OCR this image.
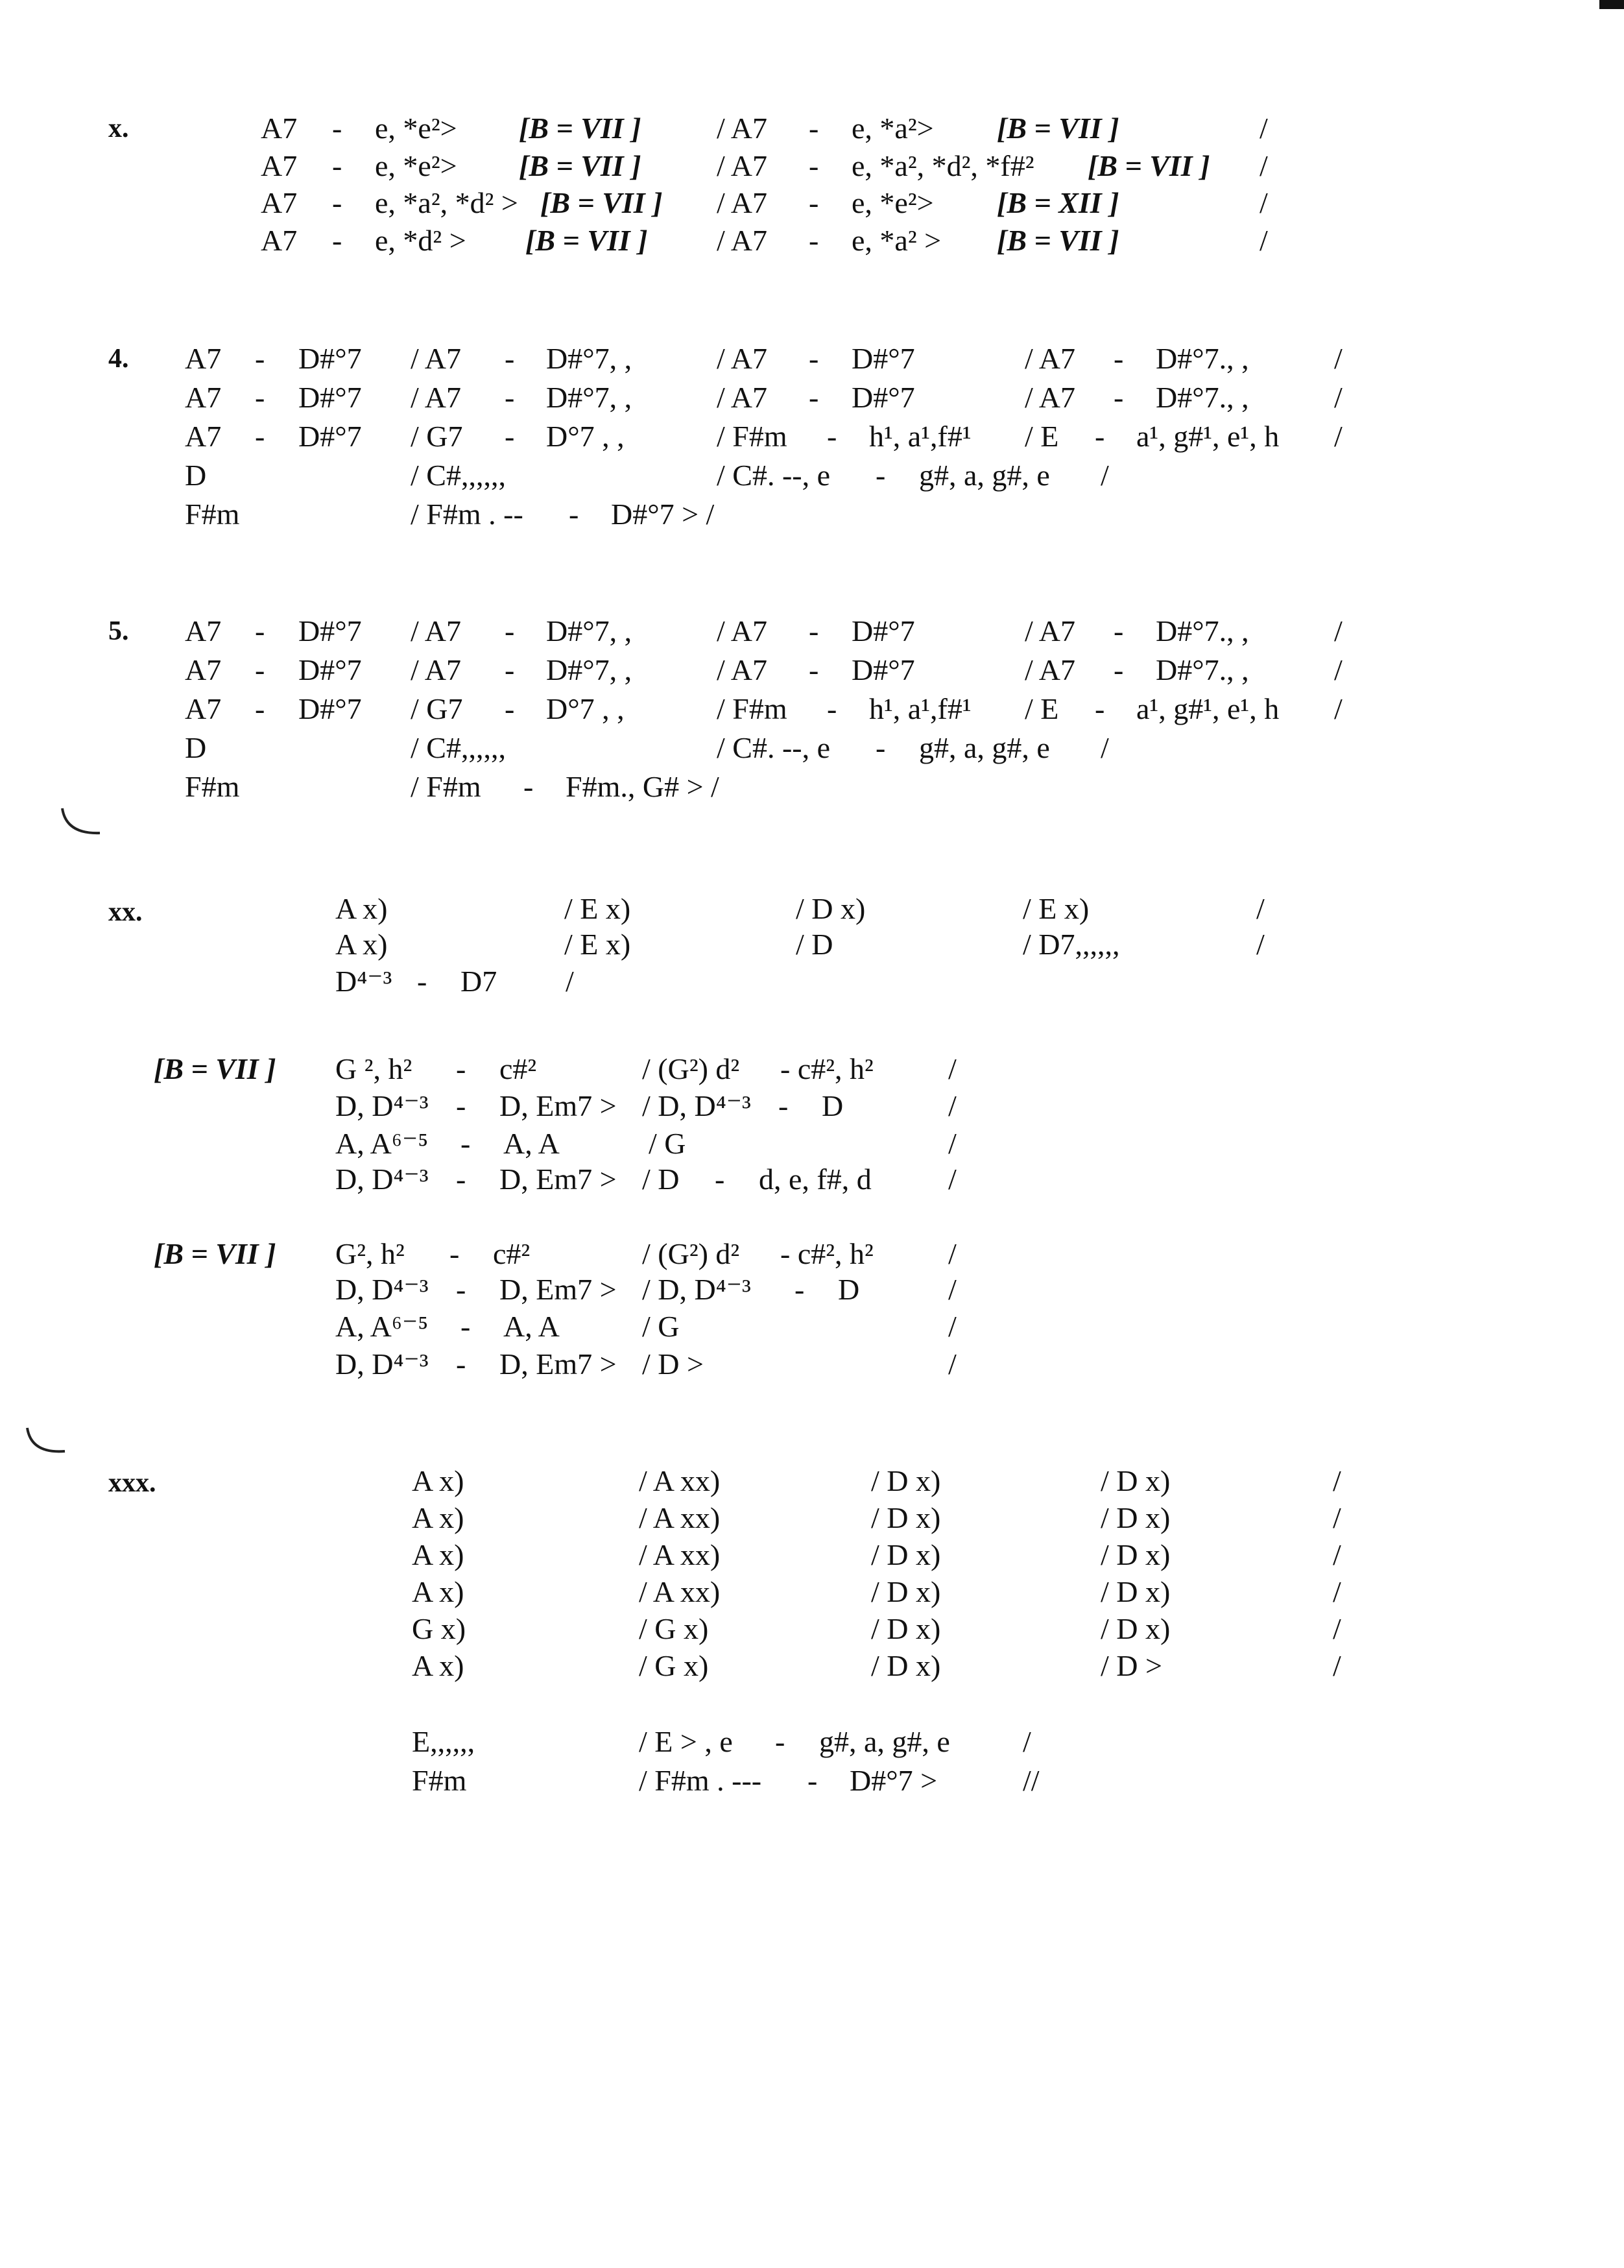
x.	A7 - e, *e²> [B = VII ]	/ A7 - e, *a²> [B = VII ]	/
A7 - e, *e²> [B = VII ]	/ A7 - e, *a², *d², *f#² [B = VII ] /
A7 - e, *a², *d² > [B = VII ] / A7 - e, *e²> [B = XII ]	/
A7 - e, *d² > [B = VII ] / A7 - e, *a² > [B = VII ]	/
4. A7 - D#°7 / A7 - D#°7, ,	/ A7 - D#°7	/ A7 - D#°7., ,	/
A7 - D#°7 / A7 - D#°7, ,	/ A7 - D#°7	/ A7 - D#°7., ,	/
A7 - D#°7 / G7 - D°7 , ,	/ F#m - h¹, a¹,f#¹ / E - a¹, g#¹, e¹, h /
D	/ C#,,,,,,	/ C#. --, e - g#, a, g#, e /
F#m	/ F#m . -- - D#°7 > /
5. A7 - D#°7 / A7 - D#°7, ,	/ A7 - D#°7	/ A7 - D#°7., ,	/
A7 - D#°7 / A7 - D#°7, ,	/ A7 - D#°7	/ A7 - D#°7., ,	/
A7 - D#°7 / G7 - D°7 , ,	/ F#m - h¹, a¹,f#¹ / E - a¹, g#¹, e¹, h /
D	/ C#,,,,,,	/ C#. --, e - g#, a, g#, e /
F#m	/ F#m - F#m., G# > /
xx.	A x)	/ E x)	/ D x)	/ E x)	/
A x)	/ E x)	/ D	/ D7,,,,,,	/
D⁴⁻³ - D7 /
[B = VII ] G ², h² - c#²	/ (G²) d² - c#², h²	/
D, D⁴⁻³ - D, Em7 > / D, D⁴⁻³ - D	/
A, A⁶⁻⁵ - A, A	/ G	/
D, D⁴⁻³ - D, Em7 > / D - d, e, f#, d	/
[B = VII ] G², h² - c#²	/ (G²) d² - c#², h²	/
D, D⁴⁻³ - D, Em7 > / D, D⁴⁻³ - D	/
A, A⁶⁻⁵ - A, A	/ G	/
D, D⁴⁻³ - D, Em7 > / D >	/
xxx.	A x)	/ A xx)	/ D x)	/ D x)	/
A x)	/ A xx)	/ D x)	/ D x)	/
A x)	/ A xx)	/ D x)	/ D x)	/
A x)	/ A xx)	/ D x)	/ D x)	/
G x)	/ G x)	/ D x)	/ D x)	/
A x)	/ G x)	/ D x)	/ D >	/
E,,,,,,	/ E > , e - g#, a, g#, e /
F#m	/ F#m . --- - D#°7 >	//
